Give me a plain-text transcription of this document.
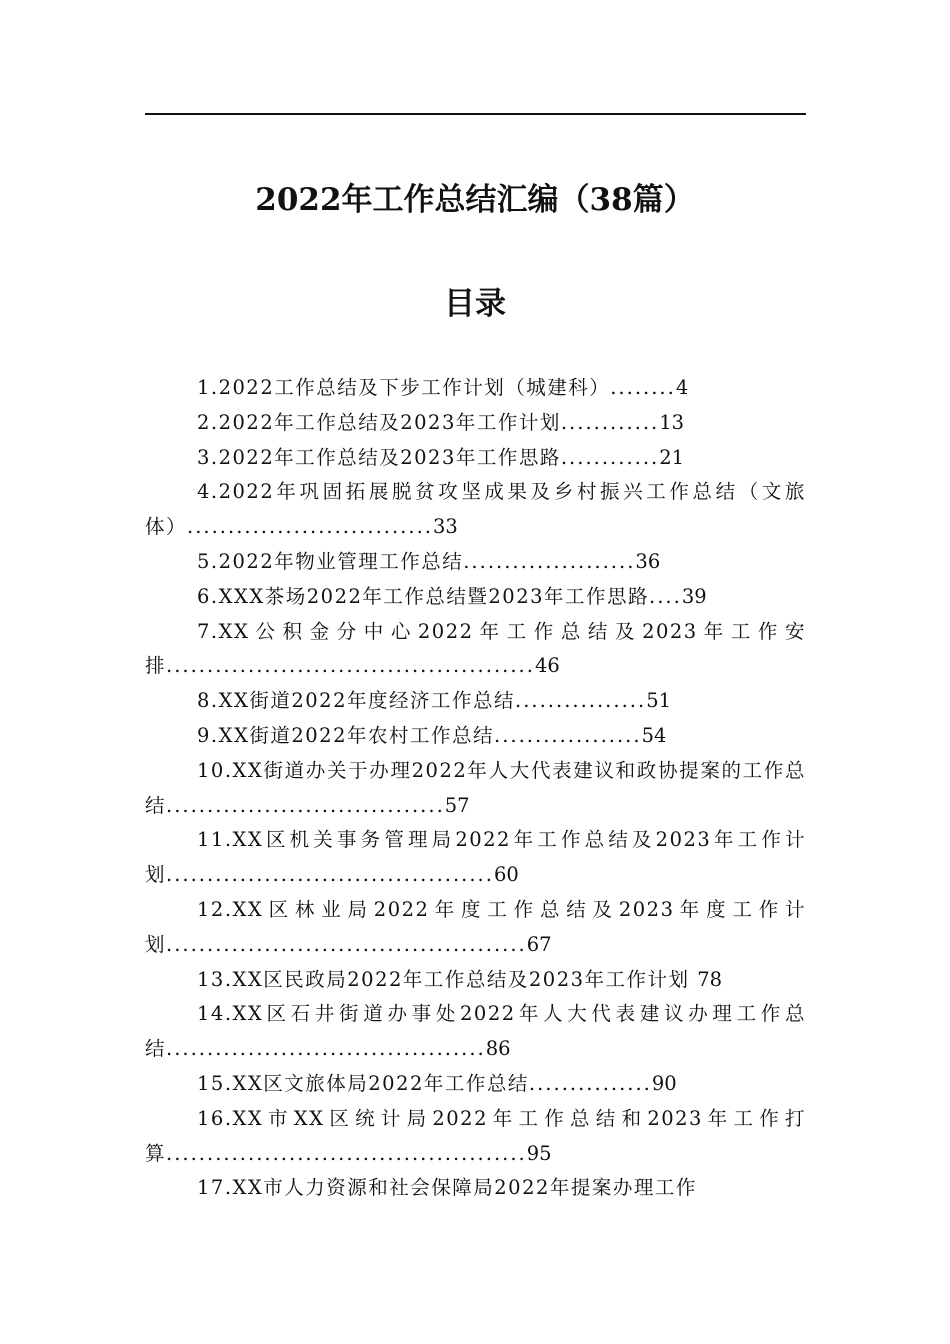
2022年工作总结汇编（38篇）
目录

1.2022工作总结及下步工作计划（城建科）........4

2.2022年工作总结及2023年工作计划............13

3.2022年工作总结及2023年工作思路............21

4.2022年巩固拓展脱贫攻坚成果及乡村振兴工作总结（文旅体）..............................33

5.2022年物业管理工作总结.....................36

6.XXX茶场2022年工作总结暨2023年工作思路....39

7.XX公积金分中心2022年工作总结及2023年工作安排.............................................46

8.XX街道2022年度经济工作总结................51

9.XX街道2022年农村工作总结..................54

10.XX街道办关于办理2022年人大代表建议和政协提案的工作总结..................................57

11.XX区机关事务管理局2022年工作总结及2023年工作计划........................................60

12.XX区林业局2022年度工作总结及2023年度工作计划............................................67

13.XX区民政局2022年工作总结及2023年工作计划 78

14.XX区石井街道办事处2022年人大代表建议办理工作总结.......................................86

15.XX区文旅体局2022年工作总结...............90

16.XX市XX区统计局2022年工作总结和2023年工作打算............................................95

17.XX市人力资源和社会保障局2022年提案办理工作
